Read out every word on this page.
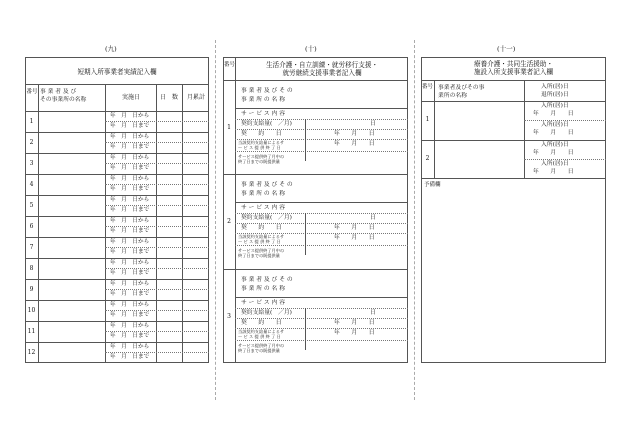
(九)
短期入所事業者実績記入欄
番号 事 業 者 及 び
その事業所の名称	実施日	日　数	月累計
1
年　月　日から
年　月　日まで
2
年　月　日から
年　月　日まで
3
年　月　日から
年　月　日まで
4
年　月　日から
年　月　日まで
5
年　月　日から
年　月　日まで
6
年　月　日から
年　月　日まで
7
年　月　日から
年　月　日まで
8
年　月　日から
年　月　日まで
9
年　月　日から
年　月　日まで
10
年　月　日から
年　月　日まで
11
年　月　日から
年　月　日まで
12
年　月　日から
年　月　日まで
(十)
生活介護・自立訓練・就労移行支援・
就労継続支援事業者記入欄
番号
1
事 業 者 及 び そ の
事 業 所 の 名 称
サ ー ビ ス 内 容
契約支給量(　／月)	日
契　　約　　日	年　　月　　日
当該契約支給量によるサ
ー ビ ス 提 供 終 了 日
年　　月　　日
サービス提供終了月中の
終了日までの既提供量
2
事 業 者 及 び そ の
事 業 所 の 名 称
サ ー ビ ス 内 容
契約支給量(　／月)	日
契　　約　　日	年　　月　　日
当該契約支給量によるサ
ー ビ ス 提 供 終 了 日
年　　月　　日
サービス提供終了月中の
終了日までの既提供量
3
事 業 者 及 び そ の
事 業 所 の 名 称
サ ー ビ ス 内 容
契約支給量(　／月)	日
契　　約　　日	年　　月　　日
当該契約支給量によるサ
ー ビ ス 提 供 終 了 日
年　　月　　日
サービス提供終了月中の
終了日までの既提供量
(十一)
療養介護・共同生活援助・
施設入所支援事業者記入欄
番号 事業者及びその事
業所の名称
入所(居)日
退所(居)日
1
入所(居)日
年　　月　　日
入所(居)日
年　　月　　日
2
入所(居)日
年　　月　　日
入所(居)日
年　　月　　日
予備欄
